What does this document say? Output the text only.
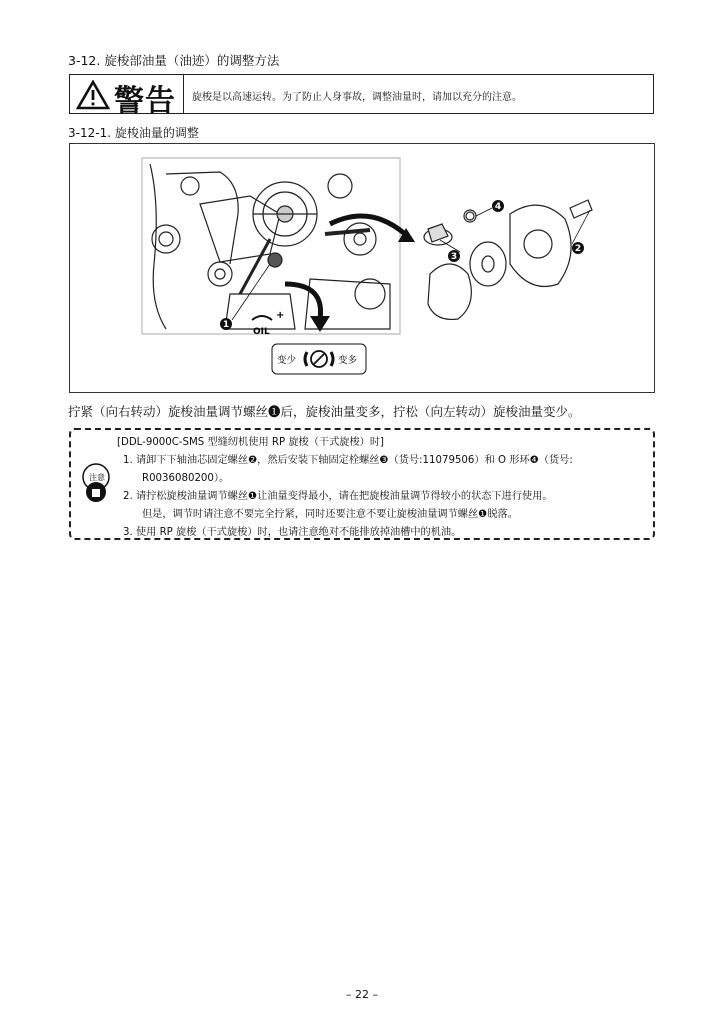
3-12. 旋梭部油量（油迹）的调整方法
警告 旋梭是以高速运转。为了防止人身事故，调整油量时，请加以充分的注意。
3-12-1. 旋梭油量的调整
1
2
3
4
+
OIL
变少	变多
拧紧（向右转动）旋梭油量调节螺丝❶后，旋梭油量变多，拧松（向左转动）旋梭油量变少。
注 意
[DDL-9000C-SMS 型缝纫机使用 RP 旋梭（干式旋梭）时]
1. 请卸下下轴油芯固定螺丝❷，然后安装下轴固定栓螺丝❸（货号:11079506）和 O 形环❹（货号:
R0036080200）。
2. 请拧松旋梭油量调节螺丝❶让油量变得最小，请在把旋梭油量调节得较小的状态下进行使用。
但是，调节时请注意不要完全拧紧，同时还要注意不要让旋梭油量调节螺丝❶脱落。
3. 使用 RP 旋梭（干式旋梭）时，也请注意绝对不能排放掉油槽中的机油。
– 22 –
